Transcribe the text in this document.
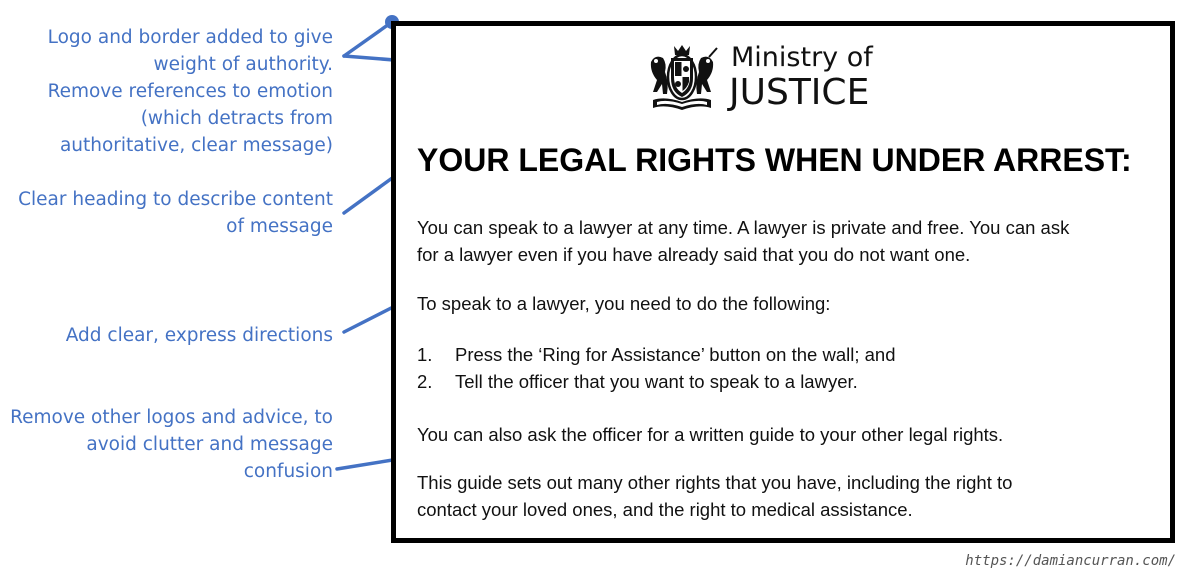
Logo and border added to give
weight of authority.
Remove references to emotion
(which detracts from
authoritative, clear message)
Clear heading to describe content
of message
Add clear, express directions
Remove other logos and advice, to
avoid clutter and message
confusion
Ministry of
JUSTICE
YOUR LEGAL RIGHTS WHEN UNDER ARREST:
You can speak to a lawyer at any time. A lawyer is private and free. You can ask
for a lawyer even if you have already said that you do not want one.
To speak to a lawyer, you need to do the following:
1. Press the ‘Ring for Assistance’ button on the wall; and
2. Tell the officer that you want to speak to a lawyer.
You can also ask the officer for a written guide to your other legal rights.
This guide sets out many other rights that you have, including the right to
contact your loved ones, and the right to medical assistance.
https://damiancurran.com/
